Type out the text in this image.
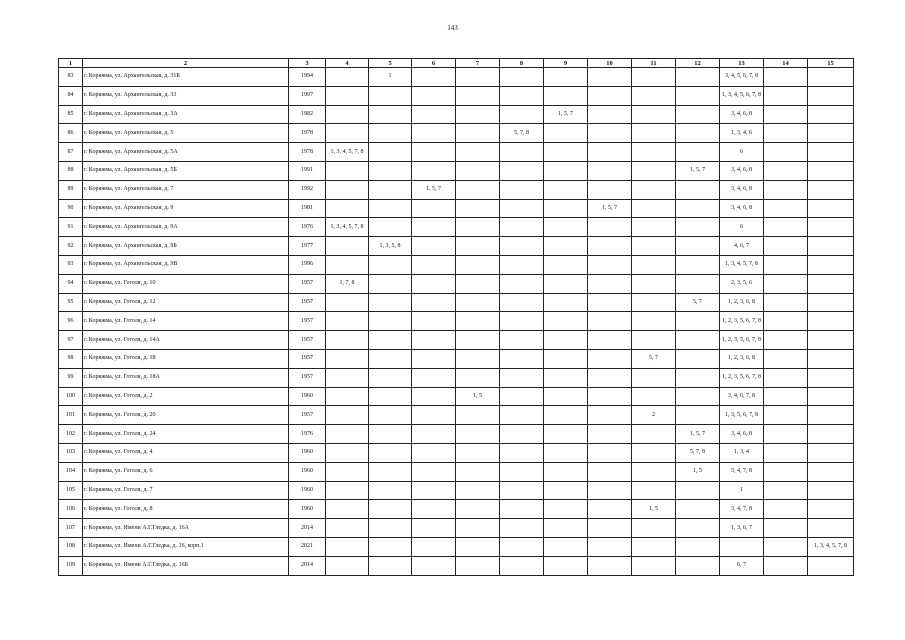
143
1	2	3	4	5	6	7	8	9	10	11	12	13	14	15
83	г. Коряжма, ул. Архангельская, д. 31Б	1994		1								3, 4, 5, 6, 7, 8		
84	г. Коряжма, ул. Архангельская, д. 33	1997										1, 3, 4, 5, 6, 7, 8		
85	г. Коряжма, ул. Архангельская, д. 3А	1982						1, 5, 7				3, 4, 6, 8		
86	г. Коряжма, ул. Архангельская, д. 5	1978					5, 7, 8					1, 3, 4, 6		
87	г. Коряжма, ул. Архангельская, д. 5А	1978	1, 3, 4, 5, 7, 8									6		
88	г. Коряжма, ул. Архангельская, д. 5Б	1991									1, 5, 7	3, 4, 6, 8		
89	г. Коряжма, ул. Архангельская, д. 7	1992			1, 5, 7							3, 4, 6, 8		
90	г. Коряжма, ул. Архангельская, д. 9	1981							1, 5, 7			3, 4, 6, 8		
91	г. Коряжма, ул. Архангельская, д. 9А	1976	1, 3, 4, 5, 7, 8									6		
92	г. Коряжма, ул. Архангельская, д. 9Б	1977		1, 3, 5, 8								4, 6, 7		
93	г. Коряжма, ул. Архангельская, д. 9В	1996										1, 3, 4, 5, 7, 8		
94	г. Коряжма, ул. Гоголя, д. 10	1957	1, 7, 8									2, 3, 5, 6		
95	г. Коряжма, ул. Гоголя, д. 12	1957									5, 7	1, 2, 3, 6, 8		
96	г. Коряжма, ул. Гоголя, д. 14	1957										1, 2, 3, 5, 6, 7, 8		
97	г. Коряжма, ул. Гоголя, д. 14А	1957										1, 2, 3, 5, 6, 7, 8		
98	г. Коряжма, ул. Гоголя, д. 18	1957								5, 7		1, 2, 3, 6, 8		
99	г. Коряжма, ул. Гоголя, д. 18А	1957										1, 2, 3, 5, 6, 7, 8		
100	г. Коряжма, ул. Гоголя, д. 2	1960				1, 5						3, 4, 6, 7, 8		
101	г. Коряжма, ул. Гоголя, д. 20	1957								2		1, 3, 5, 6, 7, 8		
102	г. Коряжма, ул. Гоголя, д. 24	1976									1, 5, 7	3, 4, 6, 8		
103	г. Коряжма, ул. Гоголя, д. 4	1960									5, 7, 8	1, 3, 4		
104	г. Коряжма, ул. Гоголя, д. 6	1960									1, 5	3, 4, 7, 8		
105	г. Коряжма, ул. Гоголя, д. 7	1960										1		
106	г. Коряжма, ул. Гоголя, д. 8	1960								1, 5		3, 4, 7, 8		
107	г. Коряжма, ул. Имени А.Г.Гледка, д. 16А	2014										1, 3, 6, 7		
108	г. Коряжма, ул. Имени А.Г.Гледка, д. 16, корп.1	2021												1, 3, 4, 5, 7, 8
109	г. Коряжма, ул. Имени А.Г.Гледка, д. 16Б	2014										6, 7		
